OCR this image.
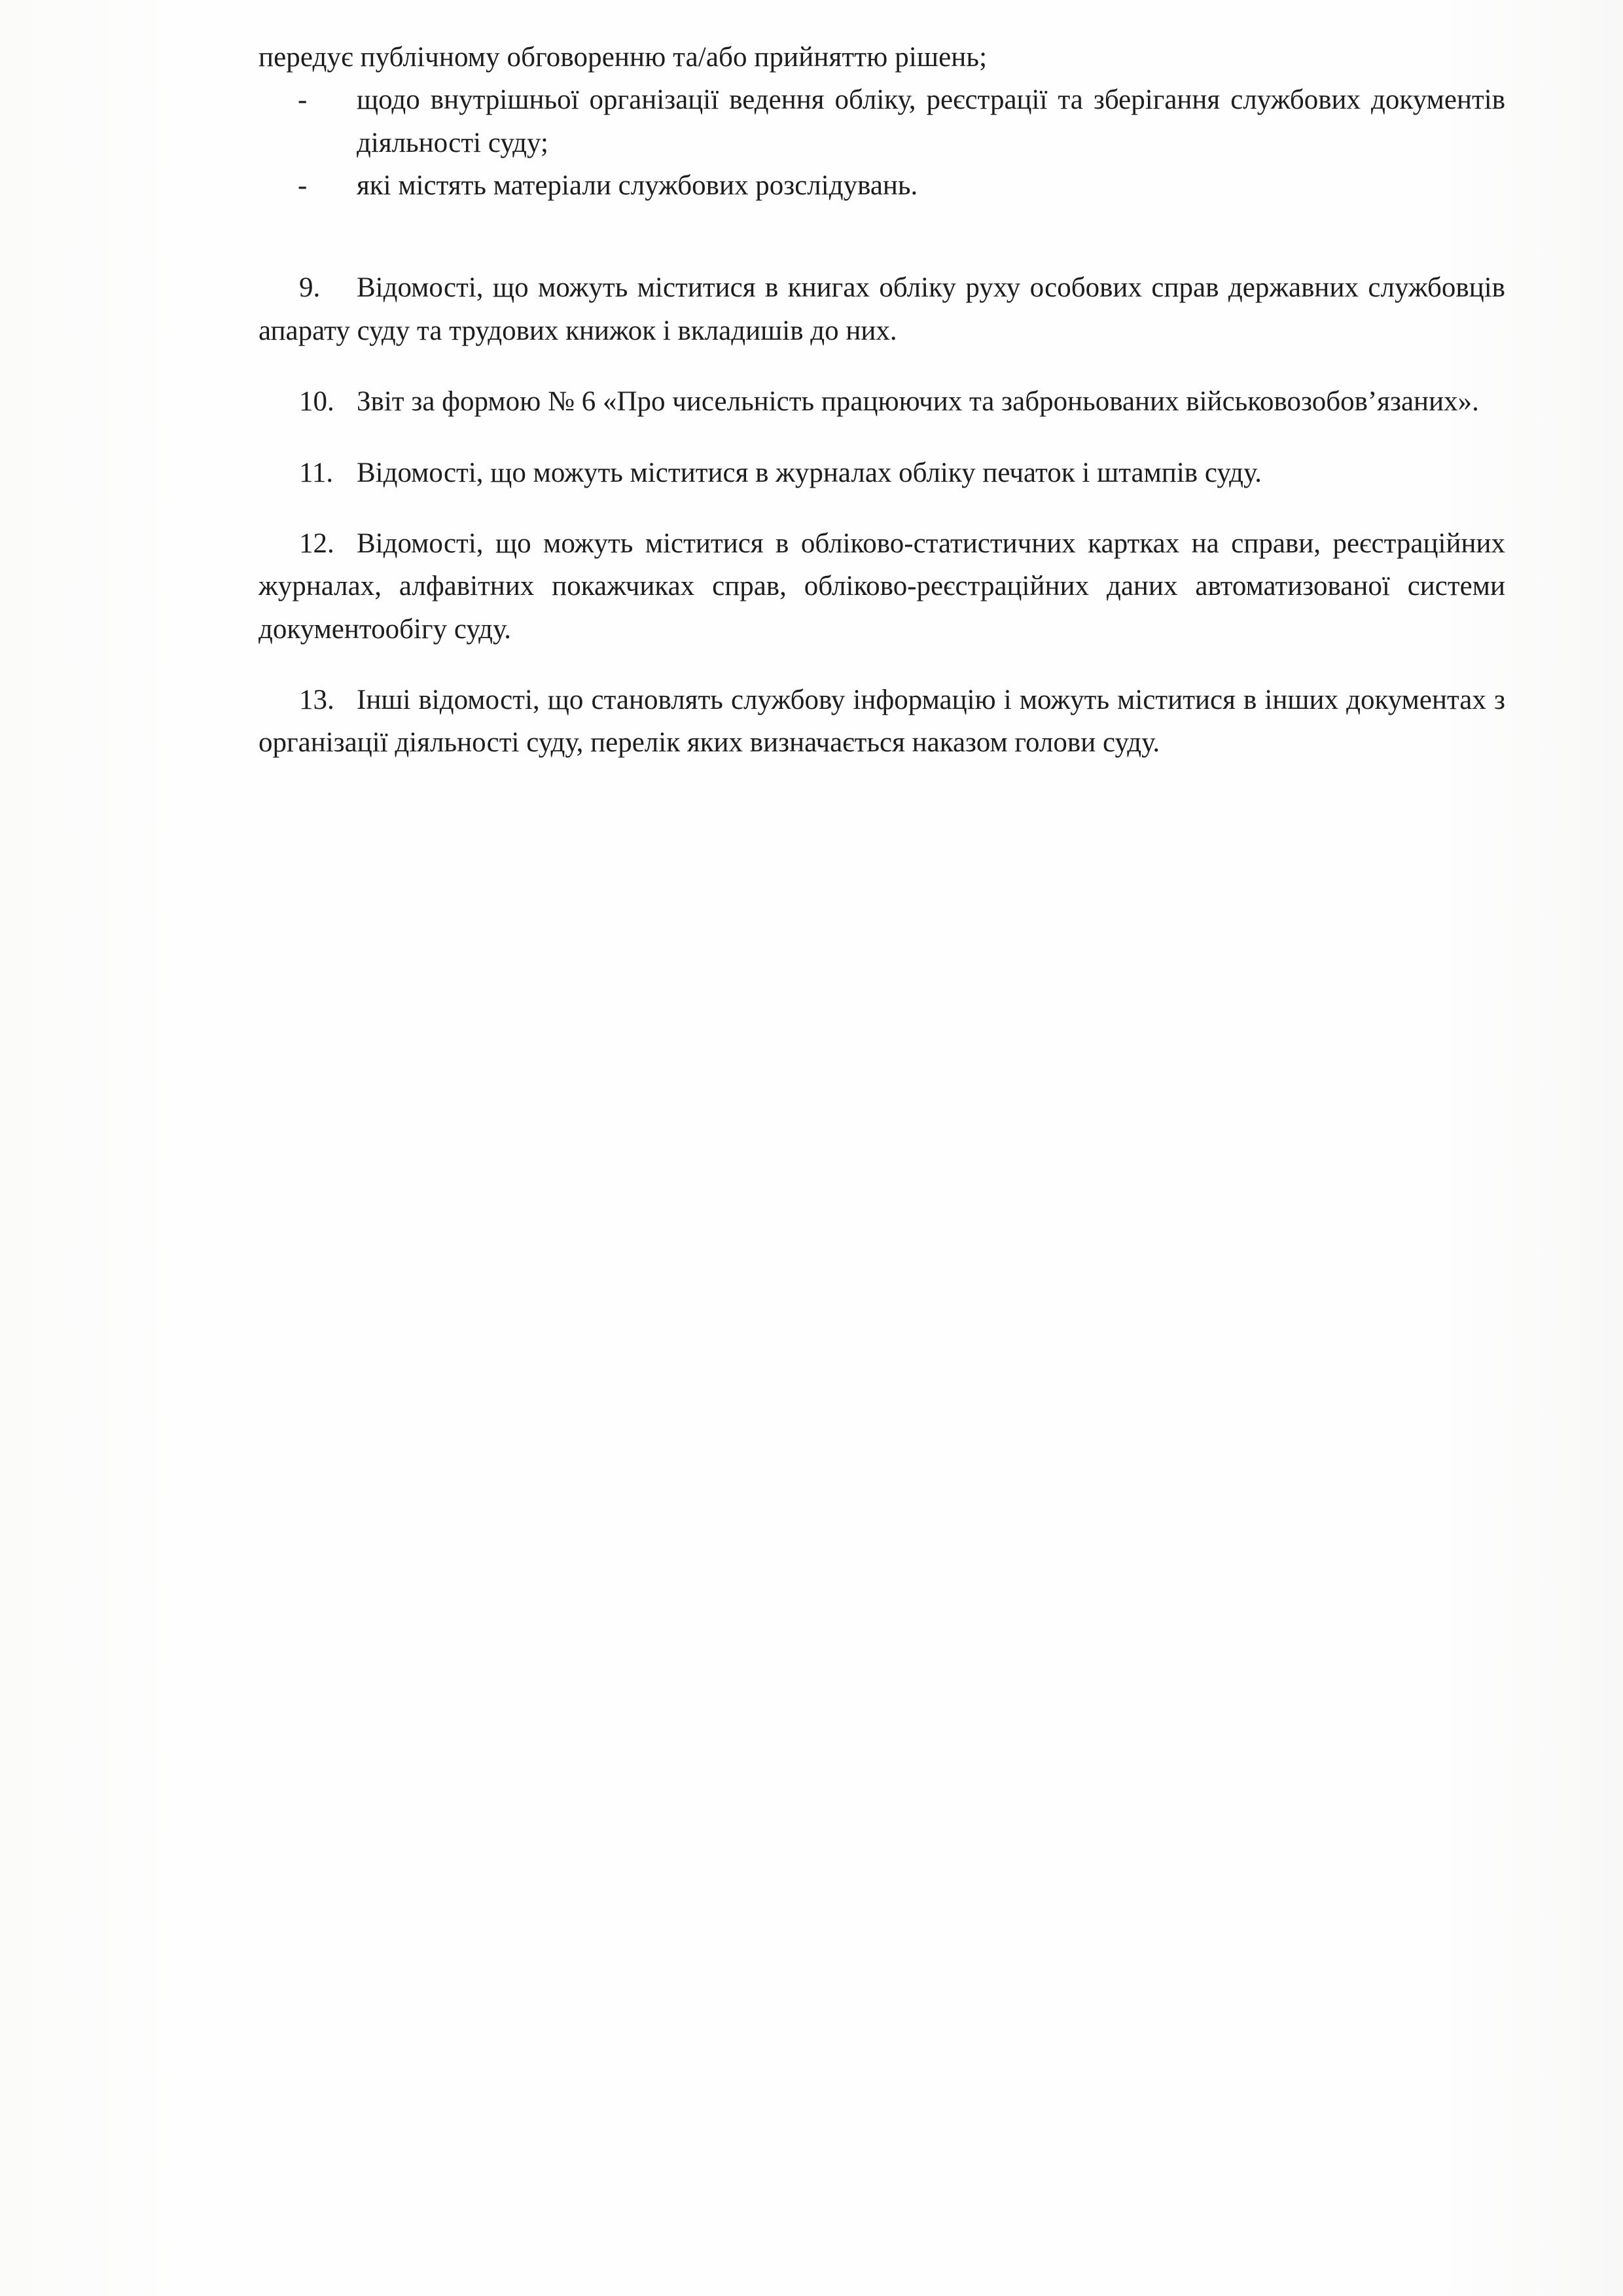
передує публічному обговоренню та/або прийняттю рішень;

-	щодо внутрішньої організації ведення обліку, реєстрації та зберігання службових документів діяльності суду;
-	які містять матеріали службових розслідувань.

9. Відомості, що можуть міститися в книгах обліку руху особових справ державних службовців апарату суду та трудових книжок і вкладишів до них.

10. Звіт за формою № 6 «Про чисельність працюючих та заброньованих військовозобов’язаних».

11. Відомості, що можуть міститися в журналах обліку печаток і штампів суду.

12. Відомості, що можуть міститися в обліково-статистичних картках на справи, реєстраційних журналах, алфавітних покажчиках справ, обліково-реєстраційних даних автоматизованої системи документообігу суду.

13. Інші відомості, що становлять службову інформацію і можуть міститися в інших документах з організації діяльності суду, перелік яких визначається наказом голови суду.
